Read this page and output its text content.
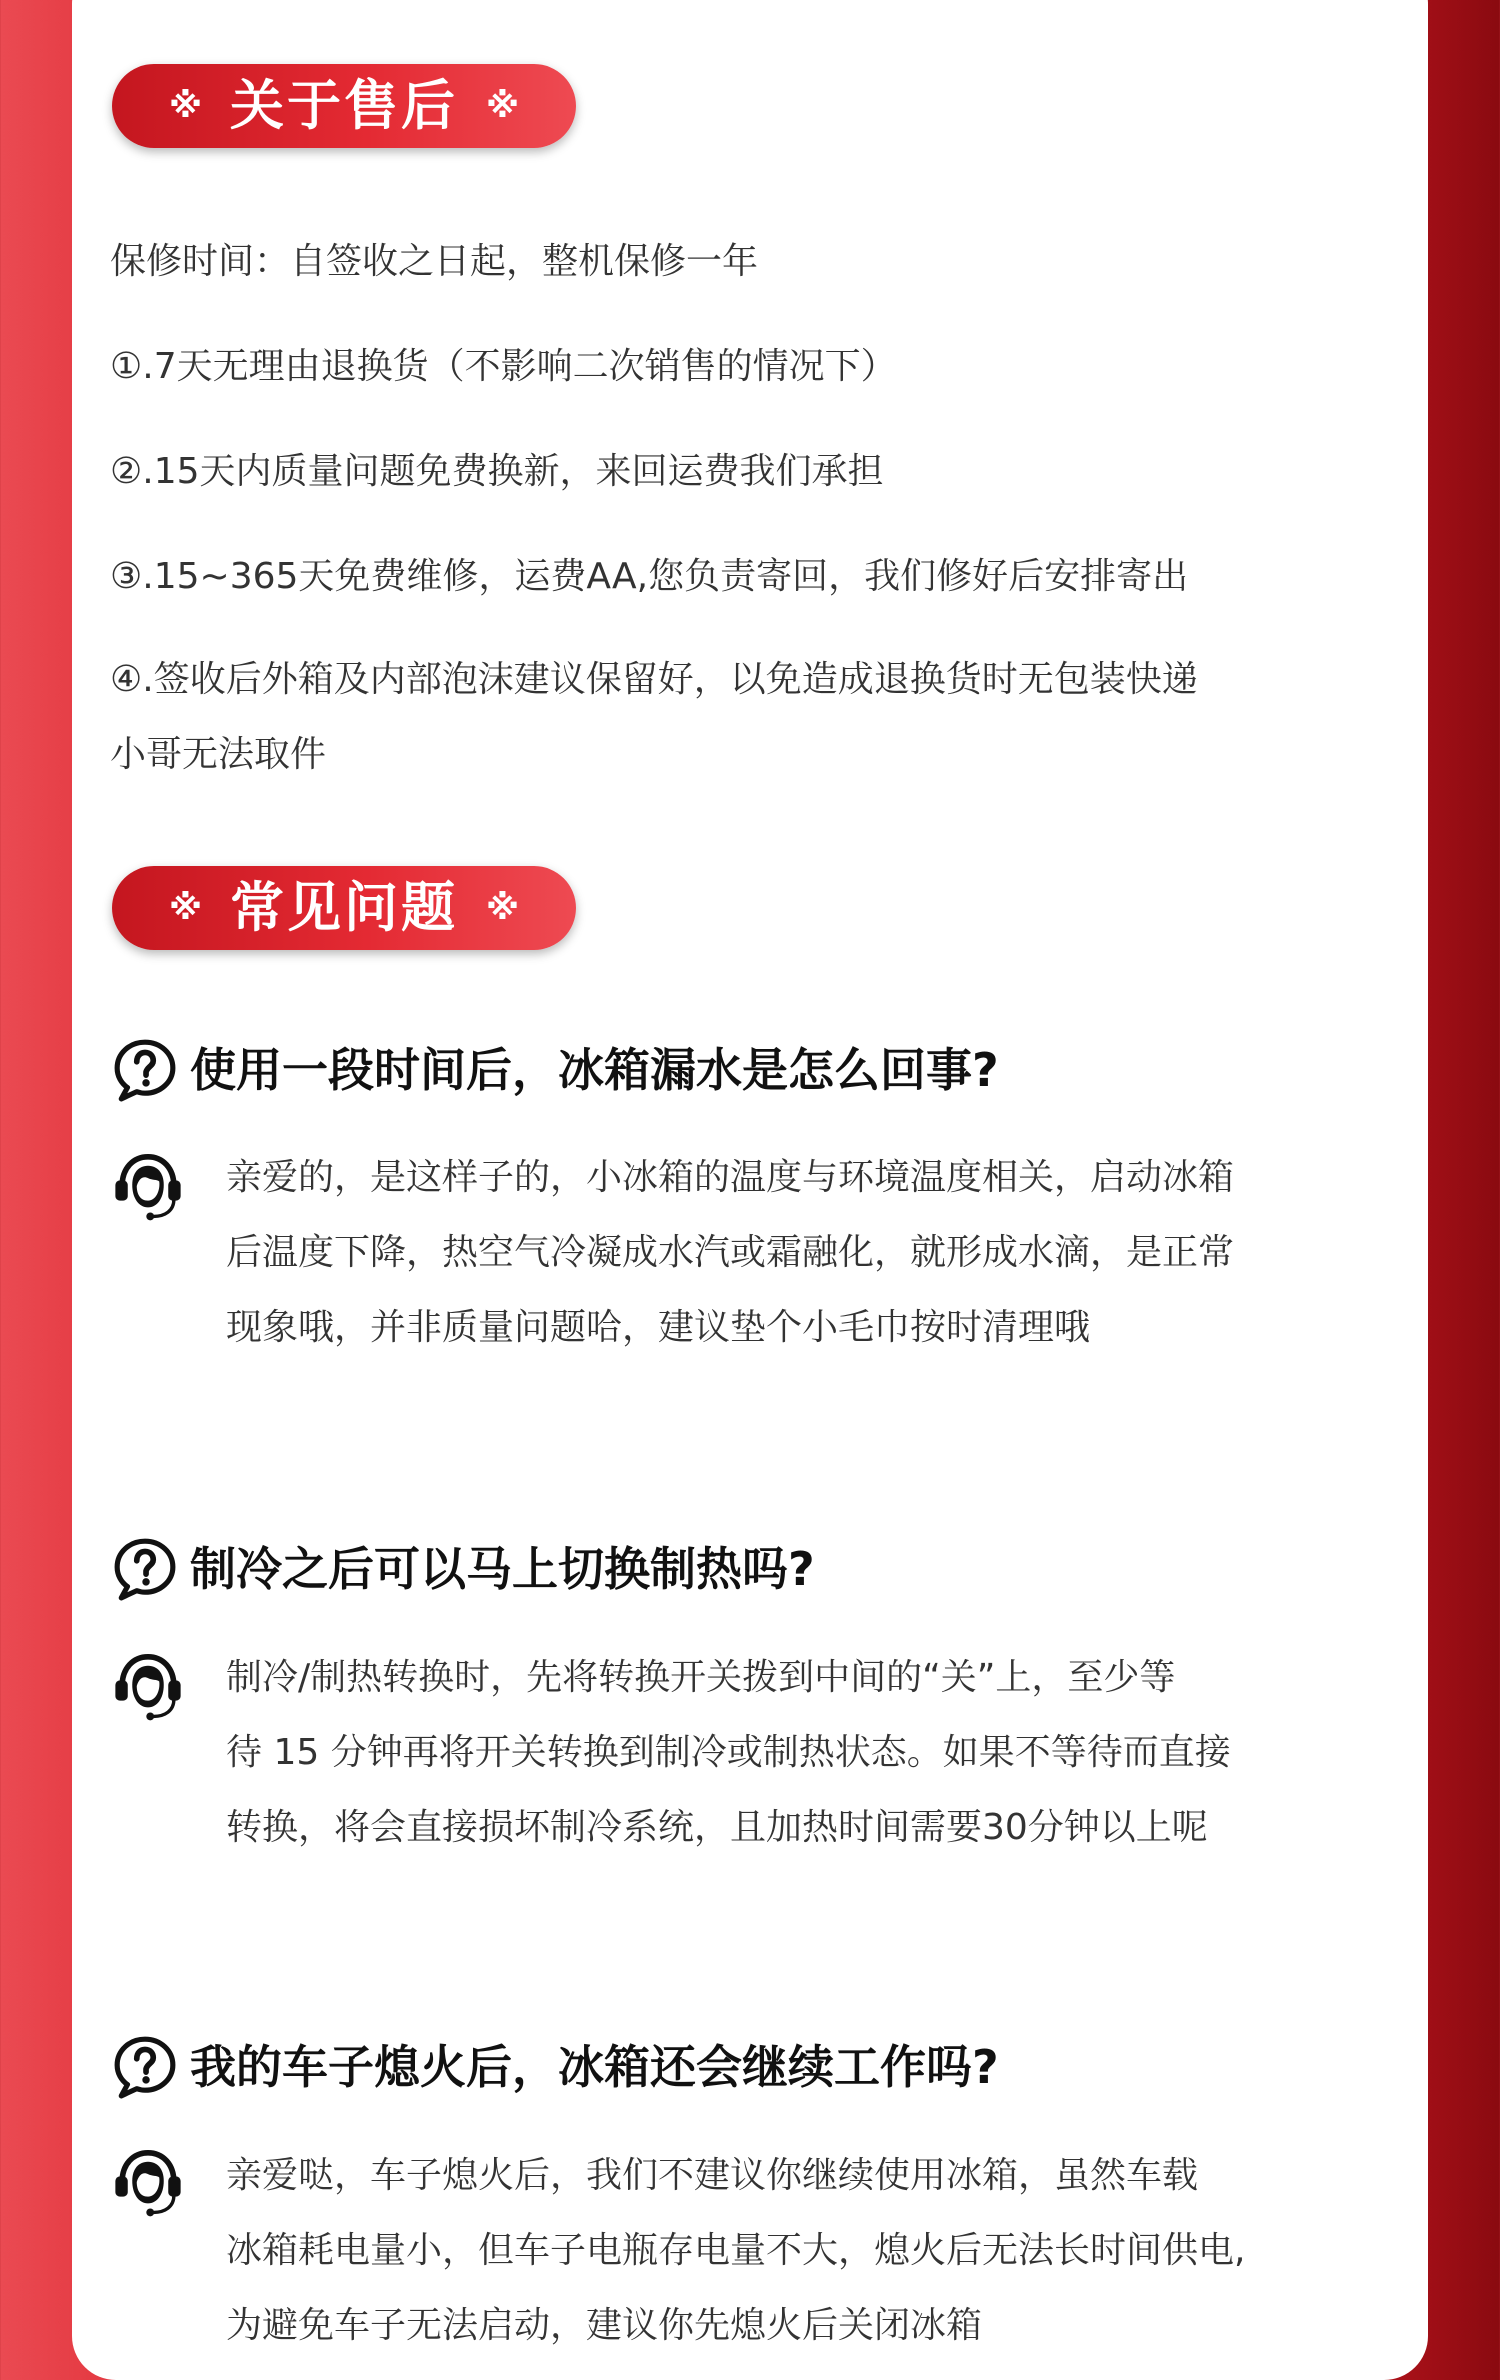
※ 关于售后 ※

保修时间：自签收之日起，整机保修一年

①.7天无理由退换货（不影响二次销售的情况下）

②.15天内质量问题免费换新，来回运费我们承担

③.15~365天免费维修，运费AA,您负责寄回，我们修好后安排寄出

④.签收后外箱及内部泡沫建议保留好，以免造成退换货时无包装快递

小哥无法取件

※ 常见问题 ※
使用一段时间后，冰箱漏水是怎么回事?

亲爱的，是这样子的，小冰箱的温度与环境温度相关，启动冰箱
后温度下降，热空气冷凝成水汽或霜融化，就形成水滴，是正常
现象哦，并非质量问题哈，建议垫个小毛巾按时清理哦

制冷之后可以马上切换制热吗?

制冷/制热转换时，先将转换开关拨到中间的“关”上，至少等
待 15 分钟再将开关转换到制冷或制热状态。如果不等待而直接
转换，将会直接损坏制冷系统，且加热时间需要30分钟以上呢

我的车子熄火后，冰箱还会继续工作吗?

亲爱哒，车子熄火后，我们不建议你继续使用冰箱，虽然车载
冰箱耗电量小，但车子电瓶存电量不大，熄火后无法长时间供电,
为避免车子无法启动，建议你先熄火后关闭冰箱
